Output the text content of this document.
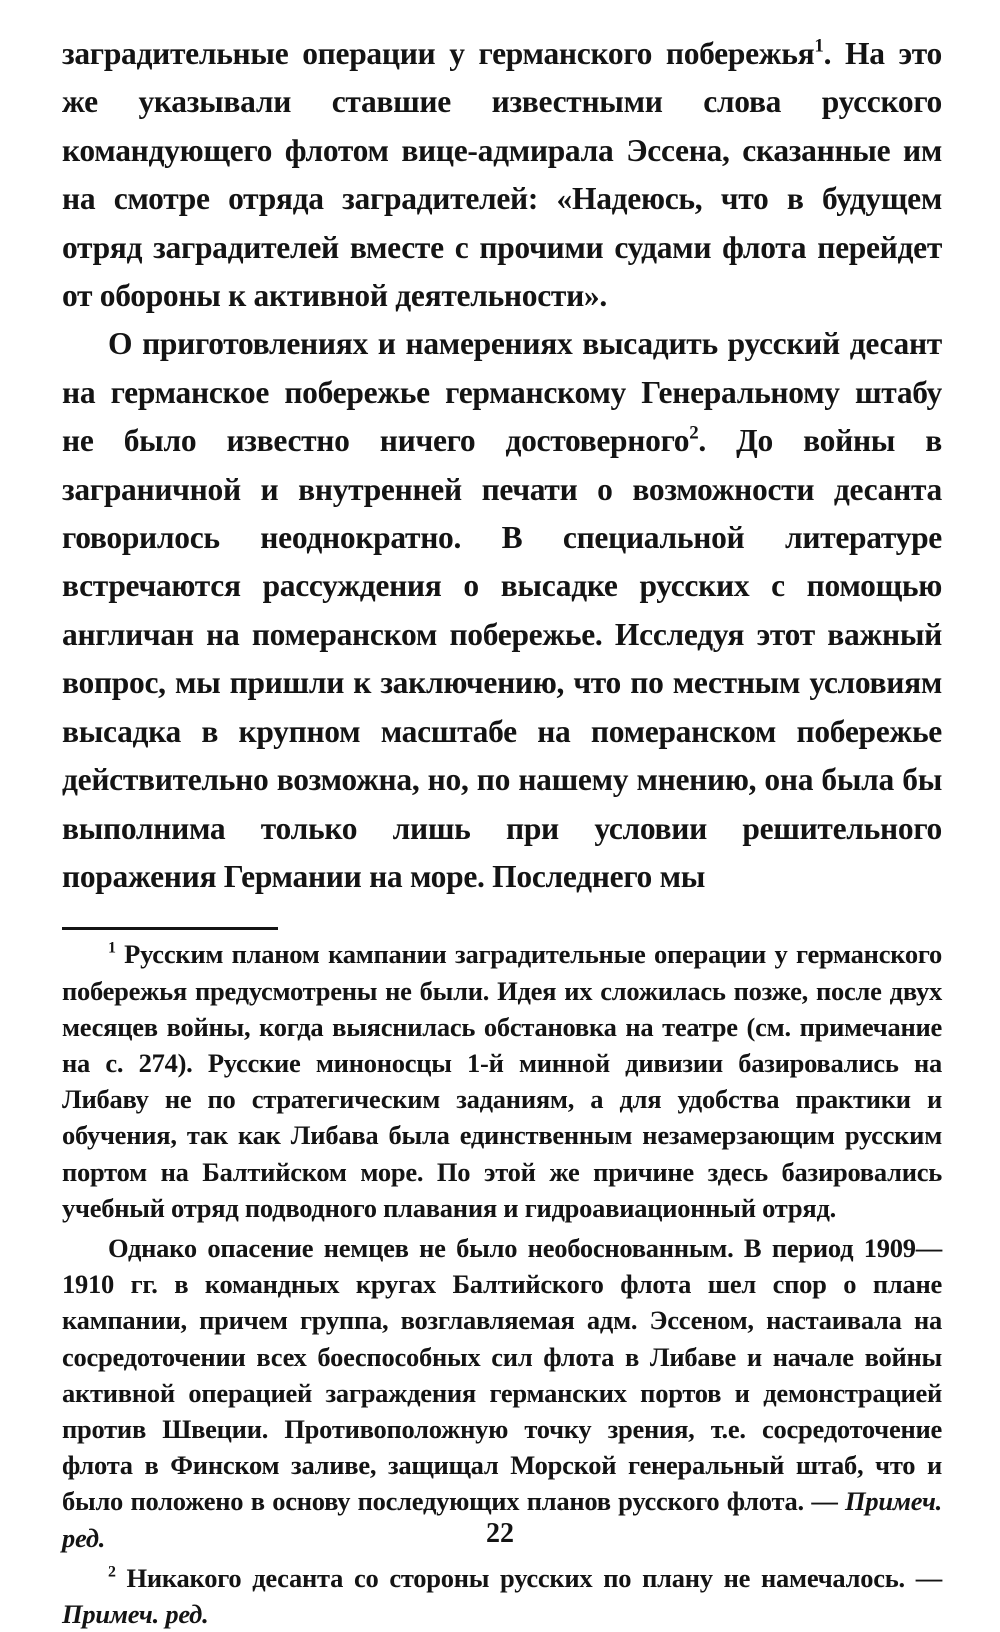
заградительные операции у германского побережья$^1$. На это же указывали ставшие известными слова русского командующего флотом вице-адмирала Эссена, сказанные им на смотре отряда заградителей: «Надеюсь, что в будущем отряд заградителей вместе с прочими судами флота перейдет от обороны к активной деятельности».

О приготовлениях и намерениях высадить русский десант на германское побережье германскому Генеральному штабу не было известно ничего достоверного$^2$. До войны в заграничной и внутренней печати о возможности десанта говорилось неоднократно. В специальной литературе встречаются рассуждения о высадке русских с помощью англичан на померанском побережье. Исследуя этот важный вопрос, мы пришли к заключению, что по местным условиям высадка в крупном масштабе на померанском побережье действительно возможна, но, по нашему мнению, она была бы выполнима только лишь при условии решительного поражения Германии на море. Последнего мы

$^1$ Русским планом кампании заградительные операции у германского побережья предусмотрены не были. Идея их сложилась позже, после двух месяцев войны, когда выяснилась обстановка на театре (см. примечание на с. 274). Русские миноносцы 1-й минной дивизии базировались на Либаву не по стратегическим заданиям, а для удобства практики и обучения, так как Либава была единственным незамерзающим русским портом на Балтийском море. По этой же причине здесь базировались учебный отряд подводного плавания и гидроавиационный отряд.

Однако опасение немцев не было необоснованным. В период 1909—1910 гг. в командных кругах Балтийского флота шел спор о плане кампании, причем группа, возглавляемая адм. Эссеном, настаивала на сосредоточении всех боеспособных сил флота в Либаве и начале войны активной операцией заграждения германских портов и демонстрацией против Швеции. Противоположную точку зрения, т.е. сосредоточение флота в Финском заливе, защищал Морской генеральный штаб, что и было положено в основу последующих планов русского флота. — Примеч. ред.

$^2$ Никакого десанта со стороны русских по плану не намечалось. — Примеч. ред.

22
